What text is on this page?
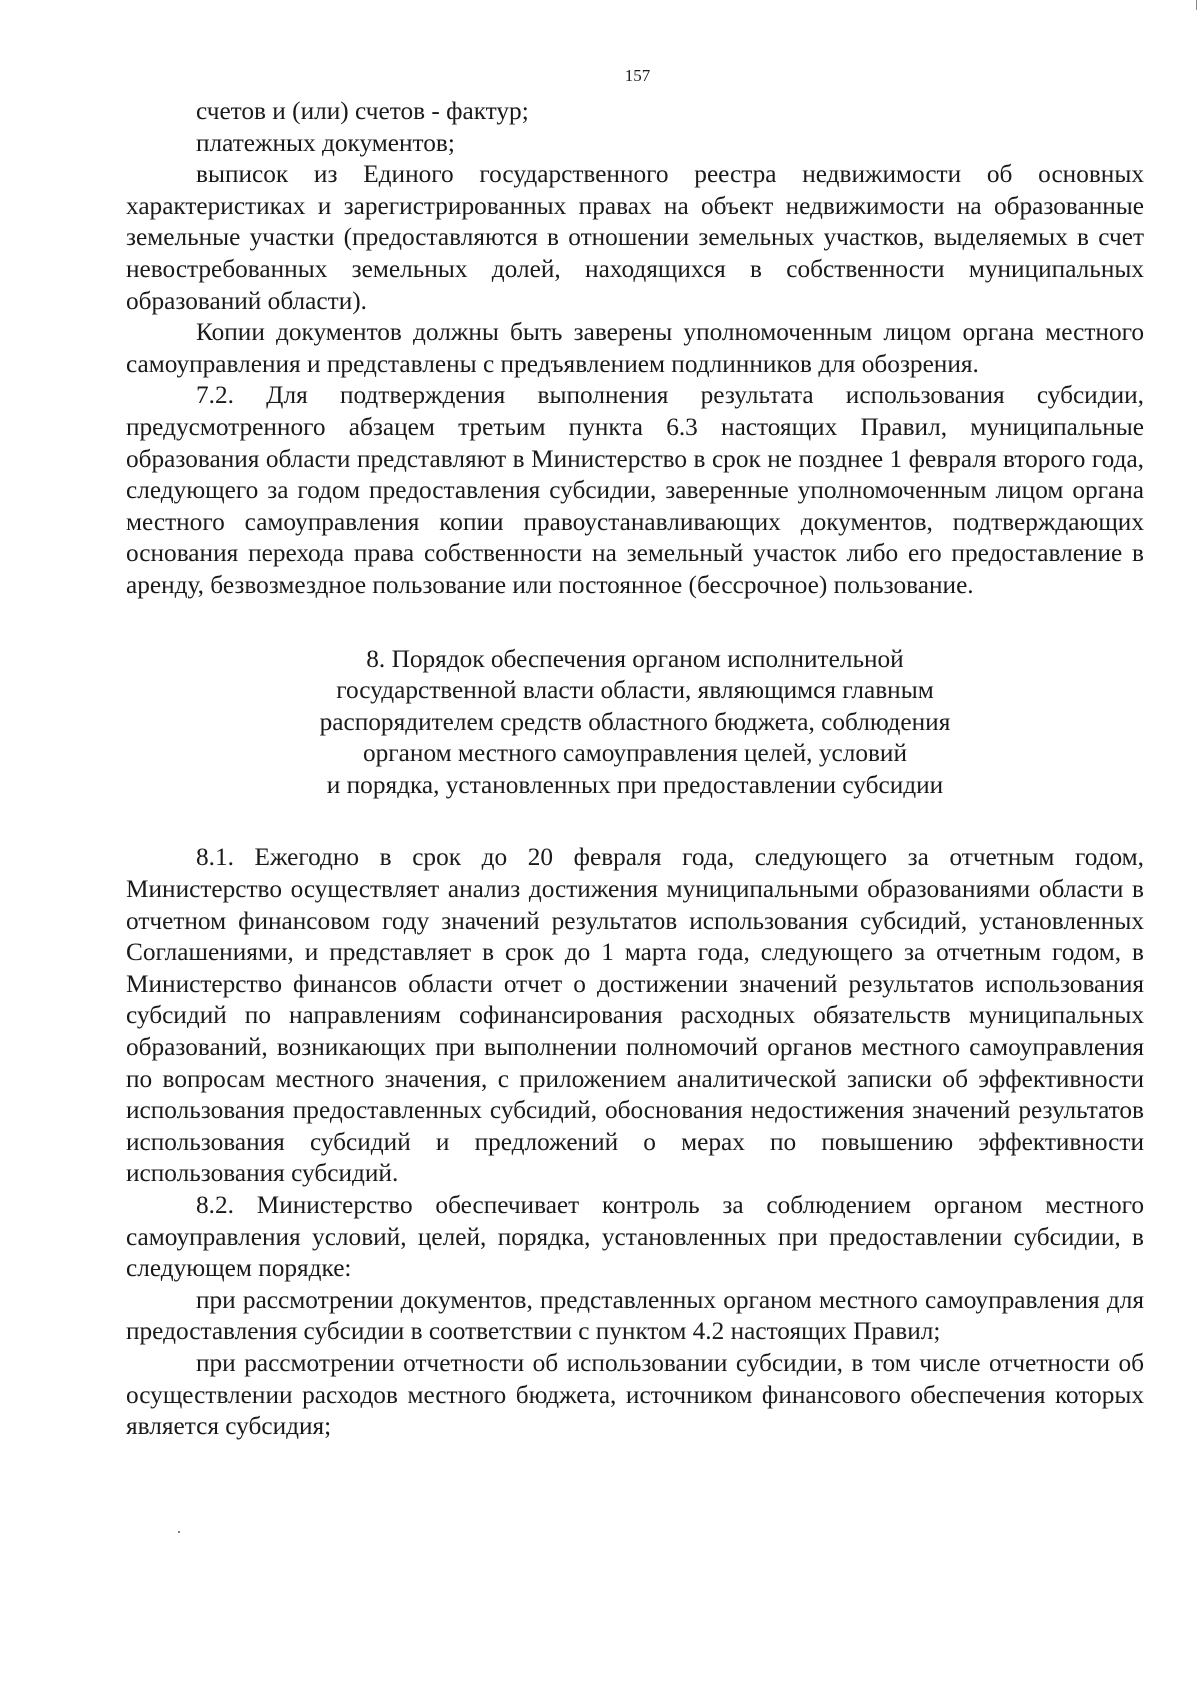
157

счетов и (или) счетов - фактур;

платежных документов;

выписок из Единого государственного реестра недвижимости об основных характеристиках и зарегистрированных правах на объект недвижимости на образованные земельные участки (предоставляются в отношении земельных участков, выделяемых в счет невостребованных земельных долей, находящихся в собственности муниципальных образований области).

Копии документов должны быть заверены уполномоченным лицом органа местного самоуправления и представлены с предъявлением подлинников для обозрения.

7.2. Для подтверждения выполнения результата использования субсидии, предусмотренного абзацем третьим пункта 6.3 настоящих Правил, муниципальные образования области представляют в Министерство в срок не позднее 1 февраля второго года, следующего за годом предоставления субсидии, заверенные уполномоченным лицом органа местного самоуправления копии правоустанавливающих документов, подтверждающих основания перехода права собственности на земельный участок либо его предоставление в аренду, безвозмездное пользование или постоянное (бессрочное) пользование.

8. Порядок обеспечения органом исполнительной
государственной власти области, являющимся главным
распорядителем средств областного бюджета, соблюдения
органом местного самоуправления целей, условий
и порядка, установленных при предоставлении субсидии

8.1. Ежегодно в срок до 20 февраля года, следующего за отчетным годом, Министерство осуществляет анализ достижения муниципальными образованиями области в отчетном финансовом году значений результатов использования субсидий, установленных Соглашениями, и представляет в срок до 1 марта года, следующего за отчетным годом, в Министерство финансов области отчет о достижении значений результатов использования субсидий по направлениям софинансирования расходных обязательств муниципальных образований, возникающих при выполнении полномочий органов местного самоуправления по вопросам местного значения, с приложением аналитической записки об эффективности использования предоставленных субсидий, обоснования недостижения значений результатов использования субсидий и предложений о мерах по повышению эффективности использования субсидий.

8.2. Министерство обеспечивает контроль за соблюдением органом местного самоуправления условий, целей, порядка, установленных при предоставлении субсидии, в следующем порядке:

при рассмотрении документов, представленных органом местного самоуправления для предоставления субсидии в соответствии с пунктом 4.2 настоящих Правил;

при рассмотрении отчетности об использовании субсидии, в том числе отчетности об осуществлении расходов местного бюджета, источником финансового обеспечения которых является субсидия;
